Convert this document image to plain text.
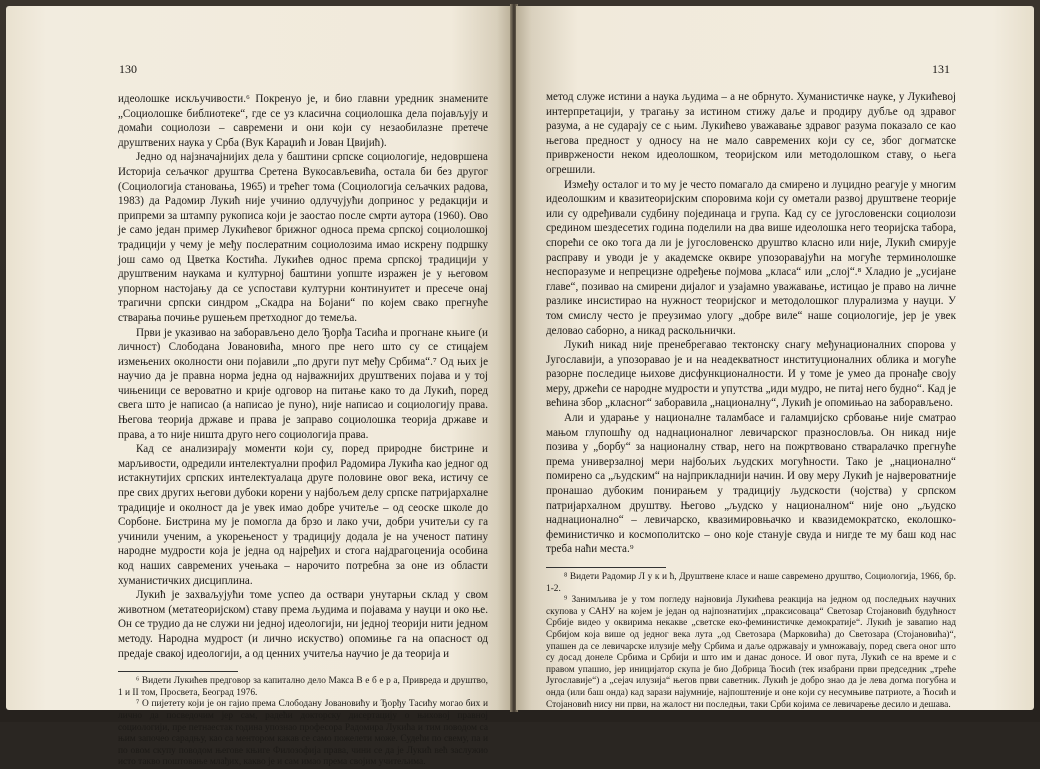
130

идеолошке искључивости.⁶ Покренуо је, и био главни уредник знамените „Социолошке библиотеке“, где се уз класична социолошка дела појављују и домаћи социолози – савремени и они који су незаобилазне претече друштвених наука у Срба (Вук Караџић и Јован Цвијић).

Једно од најзначајнијих дела у баштини српске социологије, недовршена Историја сељачког друштва Сретена Вукосављевића, остала би без другог (Социологија становања, 1965) и трећег тома (Социологија сељачких радова, 1983) да Радомир Лукић није учинио одлучујући допринос у редакцији и припреми за штампу рукописа који је заостао после смрти аутора (1960). Ово је само један пример Лукићевог брижног односа према српској социолошкој традицији у чему је међу послератним социолозима имао искрену подршку још само од Цветка Костића. Лукићев однос према српској традицији у друштвеним наукама и културној баштини уопште изражен је у његовом упорном настојању да се успостави културни континуитет и пресече онај трагични српски синдром „Скадра на Бојани“ по којем свако прегнуће стварања почиње рушењем претходног до темеља.

Први је указивао на заборављено дело Ђорђа Тасића и прогнане књиге (и личност) Слободана Јовановића, много пре него што су се стицајем измењених околности они појавили „по други пут међу Србима“.⁷ Од њих је научио да је правна норма једна од најважнијих друштвених појава и у тој чињеници се вероватно и крије одговор на питање како то да Лукић, поред свега што је написао (а написао је пуно), није написао и социологију права. Његова теорија државе и права је заправо социолошка теорија државе и права, а то није ништа друго него социологија права.

Кад се анализирају моменти који су, поред природне бистрине и марљивости, одредили интелектуални профил Радомира Лукића као једног од истакнутијих српских интелектуалаца друге половине овог века, истичу се пре свих других његови дубоки корени у најбољем делу српске патријархалне традиције и околност да је увек имао добре учитеље – од сеоске школе до Сорбоне. Бистрина му је помогла да брзо и лако учи, добри учитељи су га учинили ученим, а укорењеност у традицију додала је на ученост патину народне мудрости која је једна од најређих и стога најдрагоценија особина код наших савремених учењака – нарочито потребна за оне из области хуманистичких дисциплина.

Лукић је захваљујући томе успео да оствари унутарњи склад у свом животном (метатеоријском) ставу према људима и појавама у науци и око ње. Он се трудио да не служи ни једној идеологији, ни једној теорији нити једном методу. Народна мудрост (и лично искуство) опомиње га на опасност од предаје свакој идеологији, а од ценних учитеља научио је да теорија и

⁶ Видети Лукићев предговор за капитално дело Макса В е б е р а, Привреда и друштво, 1 и II том, Просвета, Београд 1976.

⁷ О пијетету који је он гајио према Слободану Јовановићу и Ђорђу Тасићу могао бих и лично да посведочим јер сам, радећи докторску дисертацију о њиховој правној социологији, пре петнаестак година упознао професора Радомира Лукића и тим поводом са њим започео сарадњу, као са ментором какав се само пожелети може. Судећи по свему, па и по овом скупу поводом његове књиге Филозофија права, чини се да је Лукић већ заслужио исто такво поштовање млађих, какво је и сам имао према својим учитељима.

131

метод служе истини а наука људима – а не обрнуто. Хуманистичке науке, у Лукићевој интерпретацији, у трагању за истином стижу даље и продиру дубље од здравог разума, а не сударају се с њим. Лукићево уважавање здравог разума показало се као његова предност у односу на не мало савремених који су се, због догматске привржености неком идеолошком, теоријском или методолошком ставу, о њега огрешили.

Између осталог и то му је често помагало да смирено и луцидно реагује у многим идеолошким и квазитеоријским споровима који су ометали развој друштвене теорије или су одређивали судбину појединаца и група. Кад су се југословенски социолози средином шездесетих година поделили на два више идеолошка него теоријска табора, спорећи се око тога да ли је југословенско друштво класно или није, Лукић смирује расправу и уводи је у академске оквире упозоравајући на могуће терминолошке неспоразуме и непрецизне одређење појмова „класа“ или „слој“.⁸ Хладио је „усијане главе“, позивао на смирени дијалог и узајамно уважавање, истицао је право на личне разлике инсистирао на нужност теоријског и методолошког плурализма у науци. У том смислу често је преузимао улогу „добре виле“ наше социологије, јер је увек деловао саборно, а никад раскольнички.

Лукић никад није пренебрегавао тектонску снагу међунационалних спорова у Југославији, а упозоравао је и на неадекватност институционалних облика и могуће разорне последице њихове дисфункционалности. И у томе је умео да пронађе своју меру, држећи се народне мудрости и упутства „иди мудро, не питај него будно“. Кад је већина збор „класног“ заборавила „националну“, Лукић је опомињао на заборављено.

Али и ударање у националне таламбасе и галамџијско србовање није сматрао мањом глупошћу од наднационалног левичарског празнословља. Он никад није позива у „борбу“ за националну ствар, него на пожртвовано стваралачко прегнуће према универзалној мери најбољих људских могућности. Тако је „национално“ помирено са „људским“ на најприкладнији начин. И ову меру Лукић је највероватније пронашао дубоким понирањем у традицију људскости (чојства) у српском патријархалном друштву. Његово „људско у националном“ није оно „људско наднационално“ – левичарско, квазимировњачко и квазидемократско, еколошко-феминистичко и космополитско – оно које станује свуда и нигде те му баш код нас треба наћи места.⁹

⁸ Видети Радомир Л у к и ћ, Друштвене класе и наше савремено друштво, Социологија, 1966, бр. 1-2.

⁹ Занимљива је у том погледу најновија Лукићева реакција на једном од последњих научних скупова у САНУ на којем је један од најпознатијих „праксисоваца“ Светозар Стојановић будућност Србије видео у оквирима некакве „светске еко-феминистичке демократије“. Лукић је завапио над Србијом која више од једног века лута „од Светозара (Марковића) до Светозара (Стојановића)“, упашен да се левичарске илузије међу Србима и даље одржавају и умножавају, поред свега оног што су досад донеле Србима и Србији и што им и данас доносе. И овог пута, Лукић се на време и с правом упашио, јер инициjатор скупа је био Добрица Ћосић (тек изабрани први председник „треће Југославије“) а „сејач илузија“ његов први саветник. Лукић је добро знао да је лева догма погубна и онда (или баш онда) кад зарази најумније, најпоштеније и оне који су несумњиве патриоте, а Ћосић и Стојановић нису ни први, на жалост ни последњи, таки Срби којима се левичарење десило и дешава.
